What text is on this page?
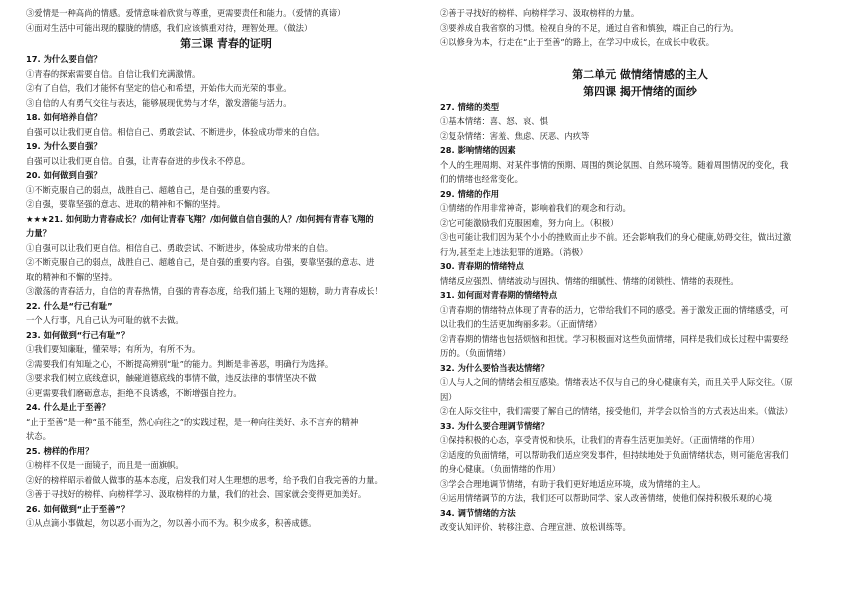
③爱情是一种高尚的情感。爱情意味着欣赏与尊重，更需要责任和能力。（爱情的真谛）
④面对生活中可能出现的朦胧的情感，我们应该慎重对待，理智处理。（做法）
第三课 青春的证明
17. 为什么要自信？
①青春的探索需要自信。自信让我们充满激情。
②有了自信，我们才能怀有坚定的信心和希望，开始伟大而光荣的事业。
③自信的人有勇气交往与表达，能够展现优势与才华，激发潜能与活力。
18. 如何培养自信？
自强可以让我们更自信。相信自己、勇敢尝试、不断进步，体验成功带来的自信。
19. 为什么要自强？
自强可以让我们更自信。自强，让青春奋进的步伐永不停息。
20. 如何做到自强？
①不断克服自己的弱点，战胜自己、超越自己，是自强的重要内容。
②自强，要靠坚强的意志、进取的精神和不懈的坚持。
★★★21. 如何助力青春成长？/如何让青春飞翔？/如何做自信自强的人？/如何拥有青春飞翔的
力量？
①自强可以让我们更自信。相信自己、勇敢尝试、不断进步，体验成功带来的自信。
②不断克服自己的弱点，战胜自己、超越自己，是自强的重要内容。自强，要靠坚强的意志、进
取的精神和不懈的坚持。
③激荡的青春活力，自信的青春热情，自强的青春态度，给我们插上飞翔的翅膀，助力青春成长！
22. 什么是“行己有耻”
一个人行事，凡自己认为可耻的就不去做。
23. 如何做到“行己有耻”？
①我们要知廉耻，懂荣辱；有所为，有所不为。
②需要我们有知耻之心，不断提高辨别“耻”的能力。判断是非善恶，明确行为选择。
③要求我们树立底线意识，触碰道德底线的事情不做，违反法律的事情坚决不做
④更需要我们磨砺意志，拒绝不良诱惑，不断增强自控力。
24. 什么是止于至善？
“止于至善”是一种“虽不能至，然心向往之”的实践过程，是一种向往美好、永不言弃的精神
状态。
25. 榜样的作用？
①榜样不仅是一面镜子，而且是一面旗帜。
②好的榜样昭示着做人做事的基本态度，启发我们对人生理想的思考，给予我们自我完善的力量。
③善于寻找好的榜样、向榜样学习、汲取榜样的力量，我们的社会、国家就会变得更加美好。
26. 如何做到“止于至善”？
①从点滴小事做起，勿以恶小而为之，勿以善小而不为。积少成多，积善成德。
②善于寻找好的榜样、向榜样学习、汲取榜样的力量。
③要养成自我省察的习惯。检视自身的不足，通过自省和慎独，端正自己的行为。
④以修身为本，行走在“止于至善”的路上，在学习中成长，在成长中收获。
第二单元 做情绪情感的主人
第四课 揭开情绪的面纱
27. 情绪的类型
①基本情绪：喜、怒、哀、惧
②复杂情绪：害羞、焦虑、厌恶、内疚等
28. 影响情绪的因素
个人的生理周期、对某件事情的预期、周围的舆论氛围、自然环境等。随着周围情况的变化，我
们的情绪也经常变化。
29. 情绪的作用
①情绪的作用非常神奇，影响着我们的观念和行动。
②它可能激励我们克服困难，努力向上。（积极）
③也可能让我们因为某个小小的挫败而止步不前。还会影响我们的身心健康,妨碍交往，做出过激
行为,甚至走上违法犯罪的道路。（消极）
30. 青春期的情绪特点
情绪反应强烈、情绪波动与固执、情绪的细腻性、情绪的闭锁性、情绪的表现性。
31. 如何面对青春期的情绪特点
①青春期的情绪特点体现了青春的活力，它带给我们不同的感受。善于激发正面的情绪感受，可
以让我们的生活更加绚丽多彩。（正面情绪）
②青春期的情绪也包括烦恼和担忧。学习积极面对这些负面情绪，同样是我们成长过程中需要经
历的。（负面情绪）
32. 为什么要恰当表达情绪？
①人与人之间的情绪会相互感染。情绪表达不仅与自己的身心健康有关，而且关乎人际交往。（原
因）
②在人际交往中，我们需要了解自己的情绪，接受他们，并学会以恰当的方式表达出来。（做法）
33. 为什么要合理调节情绪？
①保持积极的心态，享受青悦和快乐，让我们的青春生活更加美好。（正面情绪的作用）
②适度的负面情绪，可以帮助我们适应突发事件，但持续地处于负面情绪状态，则可能危害我们
的身心健康。（负面情绪的作用）
③学会合理地调节情绪，有助于我们更好地适应环境，成为情绪的主人。
④运用情绪调节的方法，我们还可以帮助同学、家人改善情绪，使他们保持积极乐观的心境
34. 调节情绪的方法
改变认知评价、转移注意、合理宣泄、放松训练等。
